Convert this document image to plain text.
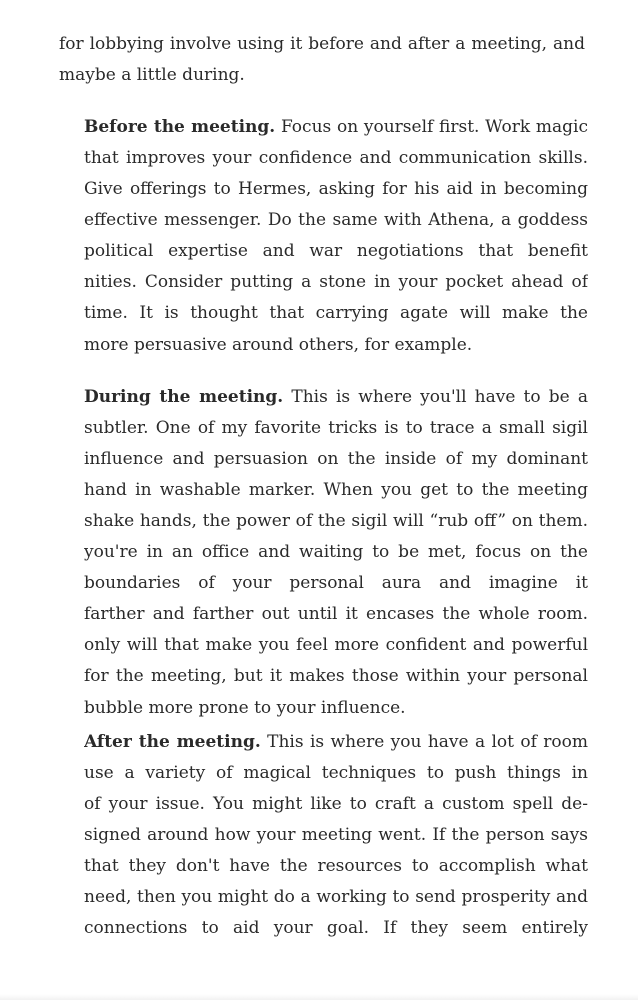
for lobbying involve using it before and after a meeting, and
maybe a little during.
Before the meeting. Focus on yourself first. Work magic
that improves your confidence and communication skills.
Give offerings to Hermes, asking for his aid in becoming
effective messenger. Do the same with Athena, a goddess
political expertise and war negotiations that benefit
nities. Consider putting a stone in your pocket ahead of
time. It is thought that carrying agate will make the
more persuasive around others, for example.
During the meeting. This is where you'll have to be a
subtler. One of my favorite tricks is to trace a small sigil
influence and persuasion on the inside of my dominant
hand in washable marker. When you get to the meeting
shake hands, the power of the sigil will “rub off” on them.
you're in an office and waiting to be met, focus on the
boundaries of your personal aura and imagine it
farther and farther out until it encases the whole room.
only will that make you feel more confident and powerful
for the meeting, but it makes those within your personal
bubble more prone to your influence.
After the meeting. This is where you have a lot of room
use a variety of magical techniques to push things in
of your issue. You might like to craft a custom spell de-
signed around how your meeting went. If the person says
that they don't have the resources to accomplish what
need, then you might do a working to send prosperity and
connections to aid your goal. If they seem entirely
